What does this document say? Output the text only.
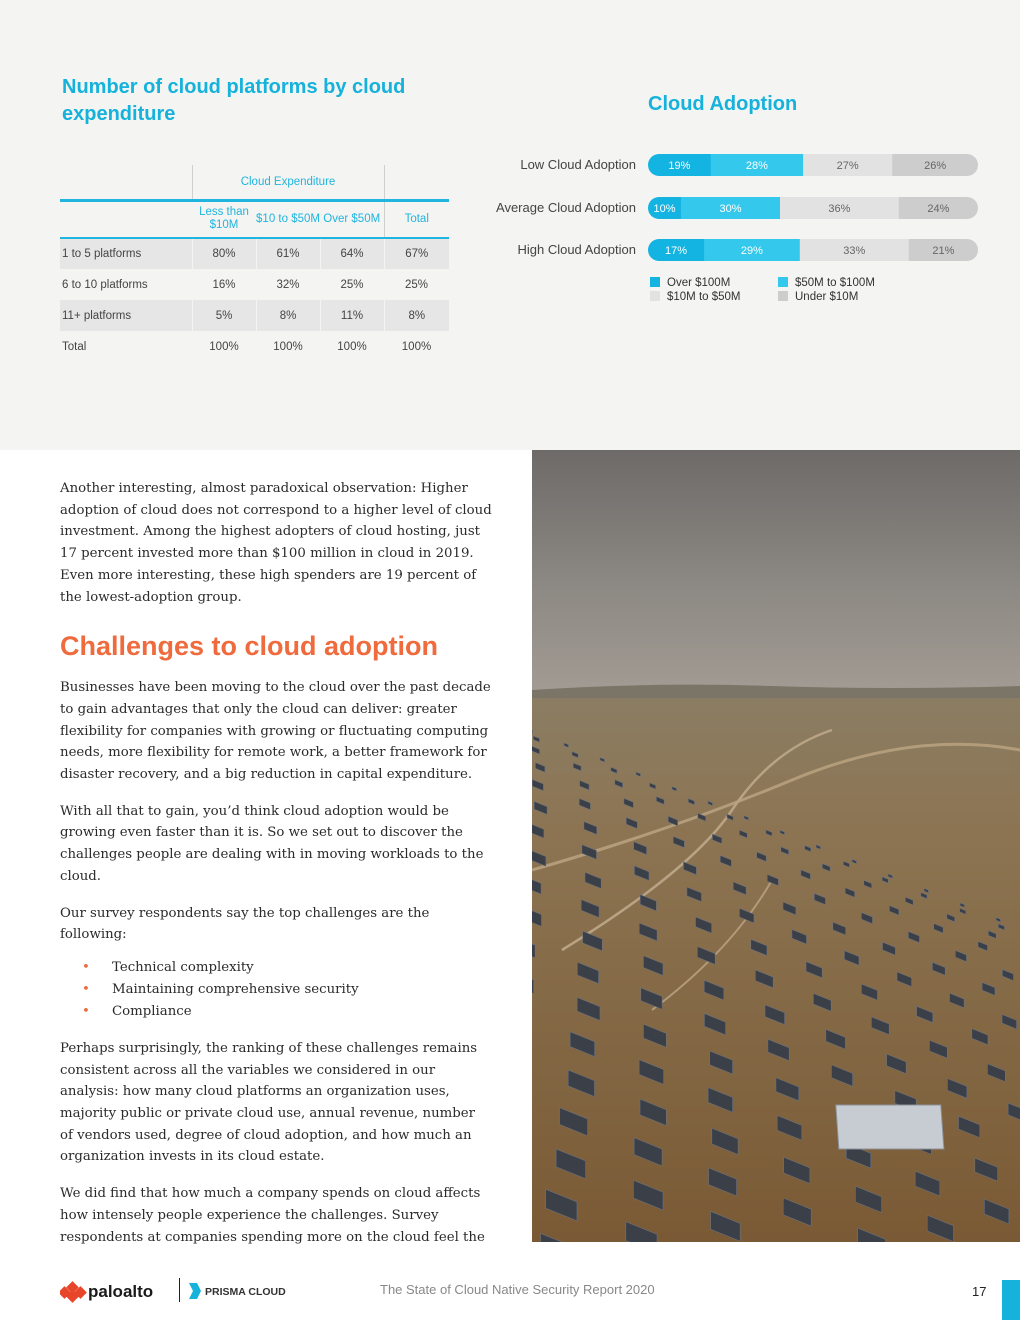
Number of cloud platforms by cloud expenditure
	Cloud Expenditure			
	Less than $10M	$10 to $50M	Over $50M	Total
1 to 5 platforms	80%	61%	64%	67%
6 to 10 platforms	16%	32%	25%	25%
11+ platforms	5%	8%	11%	8%
Total	100%	100%	100%	100%
Cloud Adoption
Low Cloud Adoption	19%	28%	27%	26%
Average Cloud Adoption 10%	30%	36%	24%
High Cloud Adoption	17%	29%	33%	21%
Over $100M	$50M to $100M
$10M to $50M	Under $10M

Another interesting, almost paradoxical observation: Higher adoption of cloud does not correspond to a higher level of cloud investment. Among the highest adopters of cloud hosting, just 17 percent invested more than $100 million in cloud in 2019. Even more interesting, these high spenders are 19 percent of the lowest-adoption group.

Challenges to cloud adoption

Businesses have been moving to the cloud over the past decade to gain advantages that only the cloud can deliver: greater flexibility for companies with growing or fluctuating computing needs, more flexibility for remote work, a better framework for disaster recovery, and a big reduction in capital expenditure.

With all that to gain, you’d think cloud adoption would be growing even faster than it is. So we set out to discover the challenges people are dealing with in moving workloads to the cloud.

Our survey respondents say the top challenges are the following:

• Technical complexity
• Maintaining comprehensive security
• Compliance

Perhaps surprisingly, the ranking of these challenges remains consistent across all the variables we considered in our analysis: how many cloud platforms an organization uses, majority public or private cloud use, annual revenue, number of vendors used, degree of cloud adoption, and how much an organization invests in its cloud estate.

We did find that how much a company spends on cloud affects how intensely people experience the challenges. Survey respondents at companies spending more on the cloud feel the

paloalto	PRISMA CLOUD	The State of Cloud Native Security Report 2020	17
